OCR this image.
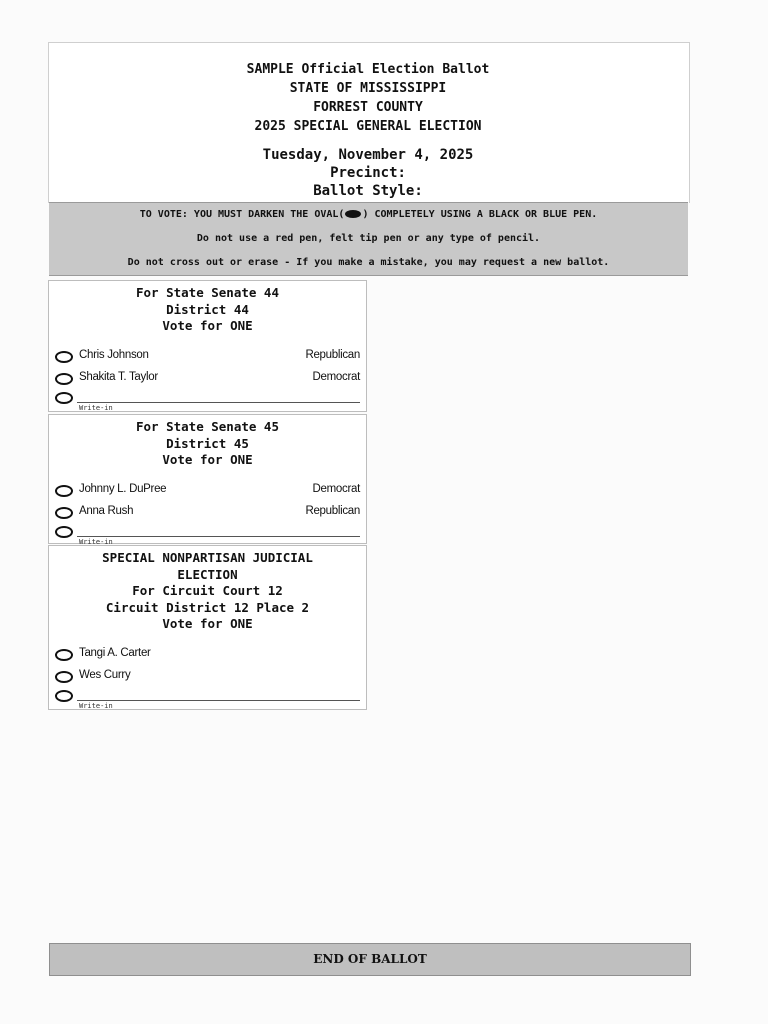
SAMPLE Official Election Ballot
STATE OF MISSISSIPPI
FORREST COUNTY
2025 SPECIAL GENERAL ELECTION
Tuesday, November 4, 2025
Precinct:
Ballot Style:
TO VOTE: YOU MUST DARKEN THE OVAL( ) COMPLETELY USING A BLACK OR BLUE PEN.
Do not use a red pen, felt tip pen or any type of pencil.
Do not cross out or erase - If you make a mistake, you may request a new ballot.
For State Senate 44
District 44
Vote for ONE
Chris Johnson	Republican
Shakita T. Taylor	Democrat
Write-in
For State Senate 45
District 45
Vote for ONE
Johnny L. DuPree	Democrat
Anna Rush	Republican
Write-in
SPECIAL NONPARTISAN JUDICIAL
ELECTION
For Circuit Court 12
Circuit District 12 Place 2
Vote for ONE
Tangi A. Carter
Wes Curry
Write-in
END OF BALLOT
